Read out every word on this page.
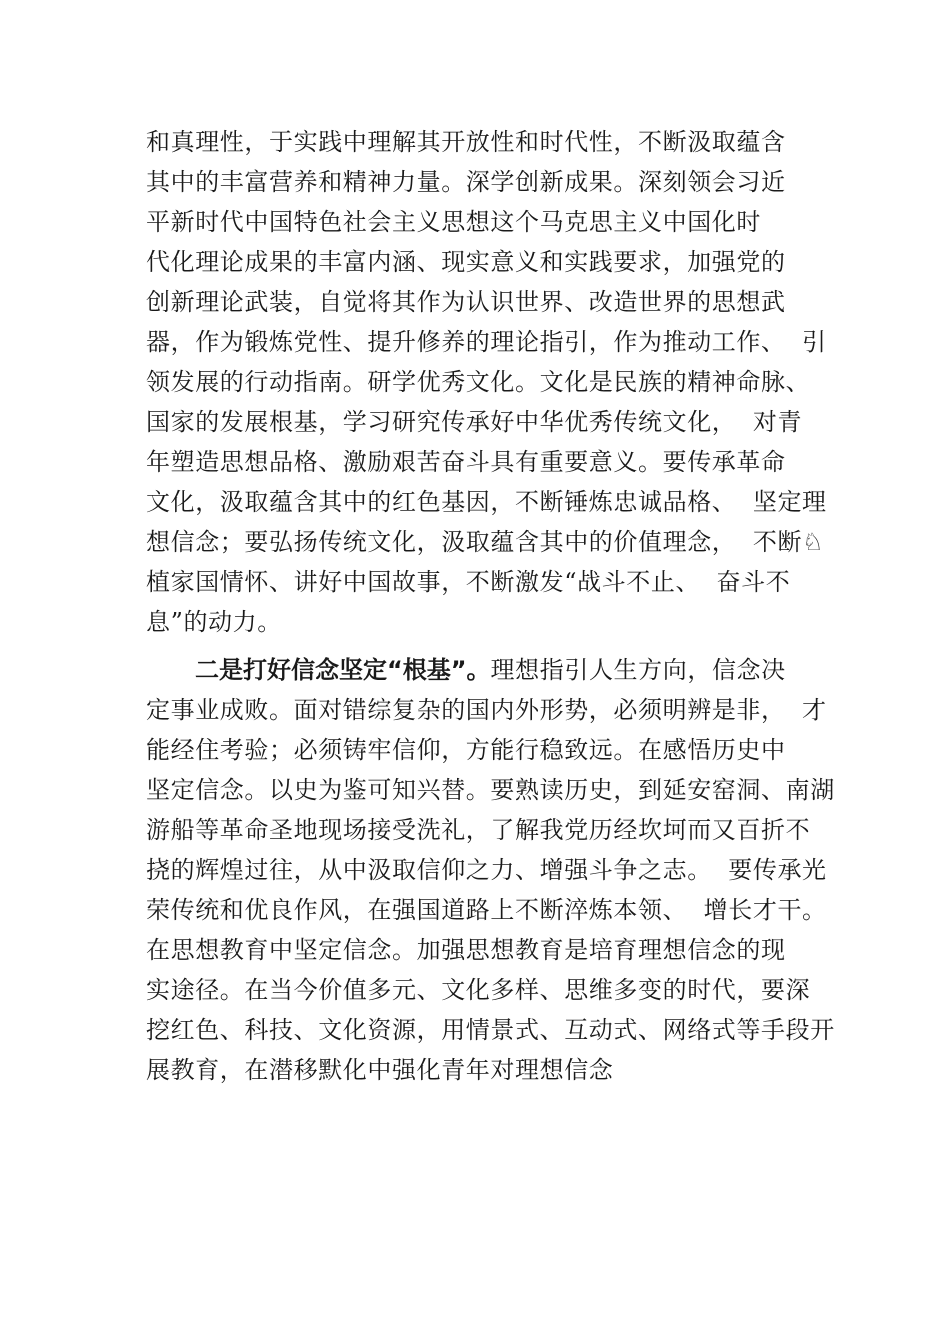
和真理性，于实践中理解其开放性和时代性，不断汲取蕴含
其中的丰富营养和精神力量。深学创新成果。深刻领会习近
平新时代中国特色社会主义思想这个马克思主义中国化时
代化理论成果的丰富内涵、现实意义和实践要求，加强党的
创新理论武装，自觉将其作为认识世界、改造世界的思想武
器，作为锻炼党性、提升修养的理论指引，作为推动工作、  引
领发展的行动指南。研学优秀文化。文化是民族的精神命脉、
国家的发展根基，学习研究传承好中华优秀传统文化，  对青
年塑造思想品格、激励艰苦奋斗具有重要意义。要传承革命
文化，汲取蕴含其中的红色基因，不断锤炼忠诚品格、  坚定理
想信念；要弘扬传统文化，汲取蕴含其中的价值理念，  不断♘
植家国情怀、讲好中国故事，不断激发“战斗不止、  奋斗不
息”的动力。
二是打好信念坚定“根基”。理想指引人生方向，信念决
定事业成败。面对错综复杂的国内外形势，必须明辨是非，  才
能经住考验；必须铸牢信仰，方能行稳致远。在感悟历史中
坚定信念。以史为鉴可知兴替。要熟读历史，到延安窑洞、南湖
游船等革命圣地现场接受洗礼，了解我党历经坎坷而又百折不
挠的辉煌过往，从中汲取信仰之力、增强斗争之志。  要传承光
荣传统和优良作风，在强国道路上不断淬炼本领、  增长才干。
在思想教育中坚定信念。加强思想教育是培育理想信念的现
实途径。在当今价值多元、文化多样、思维多变的时代，要深
挖红色、科技、文化资源，用情景式、互动式、网络式等手段开
展教育，在潜移默化中强化青年对理想信念
